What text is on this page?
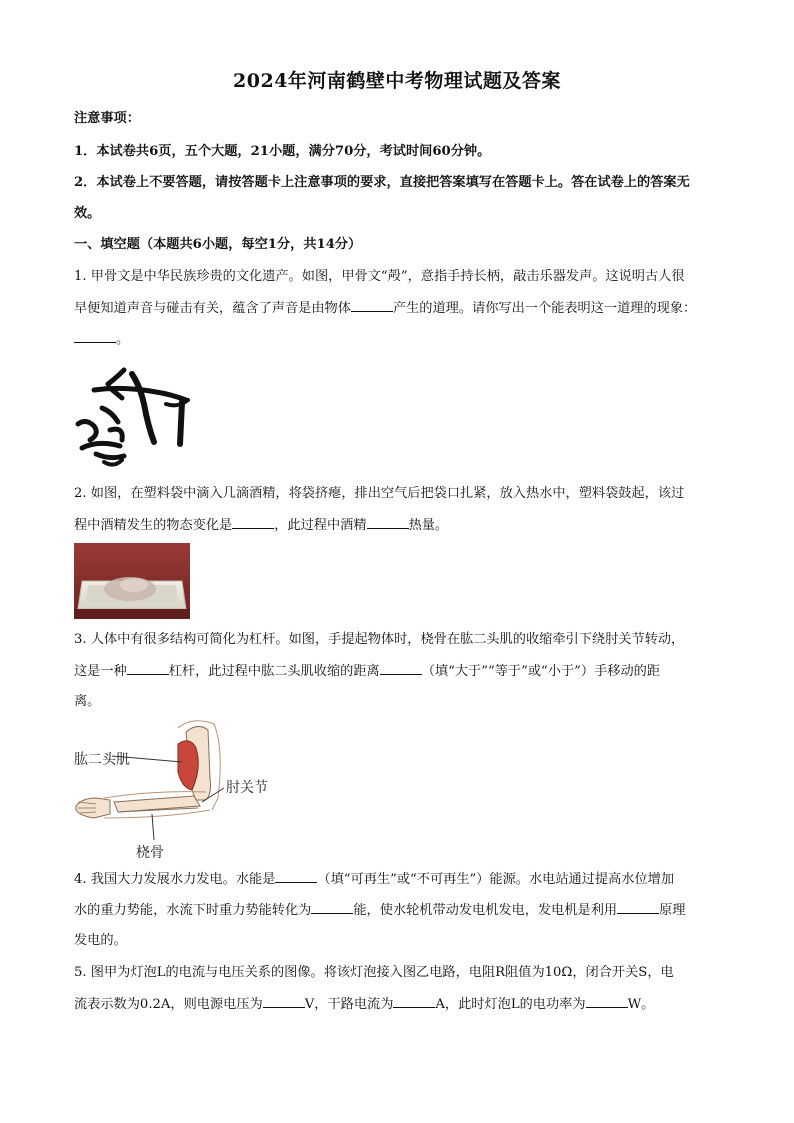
2024年河南鹤壁中考物理试题及答案
注意事项：
1．本试卷共6页，五个大题，21小题，满分70分，考试时间60分钟。
2．本试卷上不要答题，请按答题卡上注意事项的要求，直接把答案填写在答题卡上。答在试卷上的答案无
效。
一、填空题（本题共6小题，每空1分，共14分）
1. 甲骨文是中华民族珍贵的文化遗产。如图，甲骨文“殸”，意指手持长柄，敲击乐器发声。这说明古人很
早便知道声音与碰击有关，蕴含了声音是由物体	产生的道理。请你写出一个能表明这一道理的现象：
。
2. 如图，在塑料袋中滴入几滴酒精，将袋挤瘪，排出空气后把袋口扎紧，放入热水中，塑料袋鼓起，该过
程中酒精发生的物态变化是	，此过程中酒精	热量。
3. 人体中有很多结构可简化为杠杆。如图，手提起物体时，桡骨在肱二头肌的收缩牵引下绕肘关节转动，
这是一种	杠杆，此过程中肱二头肌收缩的距离	（填“大于”“等于”或“小于”）手移动的距
离。
肱二头肌
肘关节
桡骨
4. 我国大力发展水力发电。水能是	（填“可再生”或“不可再生”）能源。水电站通过提高水位增加
水的重力势能，水流下时重力势能转化为	能，使水轮机带动发电机发电，发电机是利用	原理
发电的。
5. 图甲为灯泡L的电流与电压关系的图像。将该灯泡接入图乙电路，电阻R阻值为10Ω，闭合开关S，电
流表示数为0.2A，则电源电压为	V，干路电流为	A，此时灯泡L的电功率为	W。
